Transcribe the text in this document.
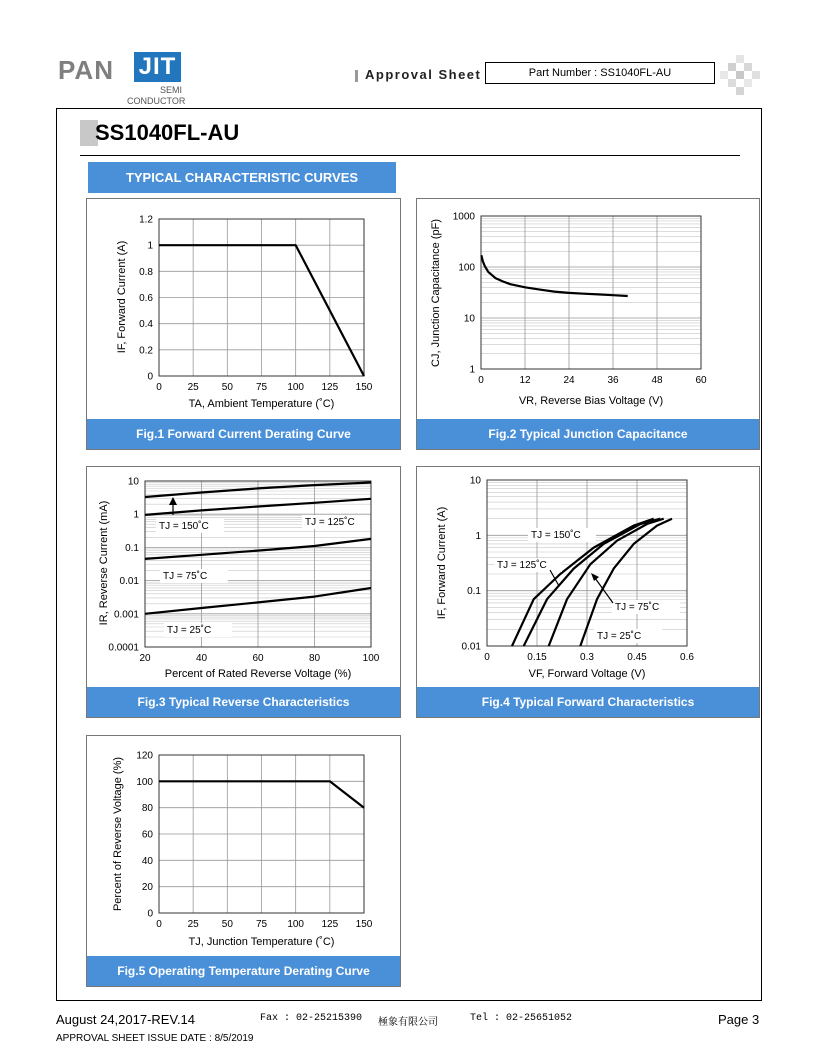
PAN JIT
SEMI
CONDUCTOR
Approval Sheet	Part Number : SS1040FL-AU
SS1040FL-AU
TYPICAL CHARACTERISTIC CURVES
0
0.2
0.4
0.6
0.8
1
1.2
0	25 50 75 100 125 150
TA, Ambient Temperature (˚C)
IF, Forward Current (A)
Fig.1 Forward Current Derating Curve
1
10
100
1000
0	12	24	36	48	60
VR, Reverse Bias Voltage (V)
CJ, Junction Capacitance (pF)
Fig.2 Typical Junction Capacitance
0.0001
0.001
0.01
0.1
1
10
20	40	60	80	100
Percent of Rated Reverse Voltage (%)
IR, Reverse Current (mA)	TJ = 150˚C	TJ = 125˚C
TJ = 75˚C
TJ = 25˚C
Fig.3 Typical Reverse Characteristics
0.01
0.1
1
10
0	0.15	0.3	0.45	0.6
VF, Forward Voltage (V)
IF, Forward Current (A)	TJ = 150˚C
TJ = 125˚C
TJ = 75˚C
TJ = 25˚C
Fig.4 Typical Forward Characteristics
0
20
40
60
80
100
120
0	25 50 75 100 125 150
TJ, Junction Temperature (˚C)
Percent of Reverse Voltage (%)
Fig.5 Operating Temperature Derating Curve
August 24,2017-REV.14	Fax : 02-25215390 極象有限公司	Tel : 02-25651052	Page 3
APPROVAL SHEET ISSUE DATE : 8/5/2019
